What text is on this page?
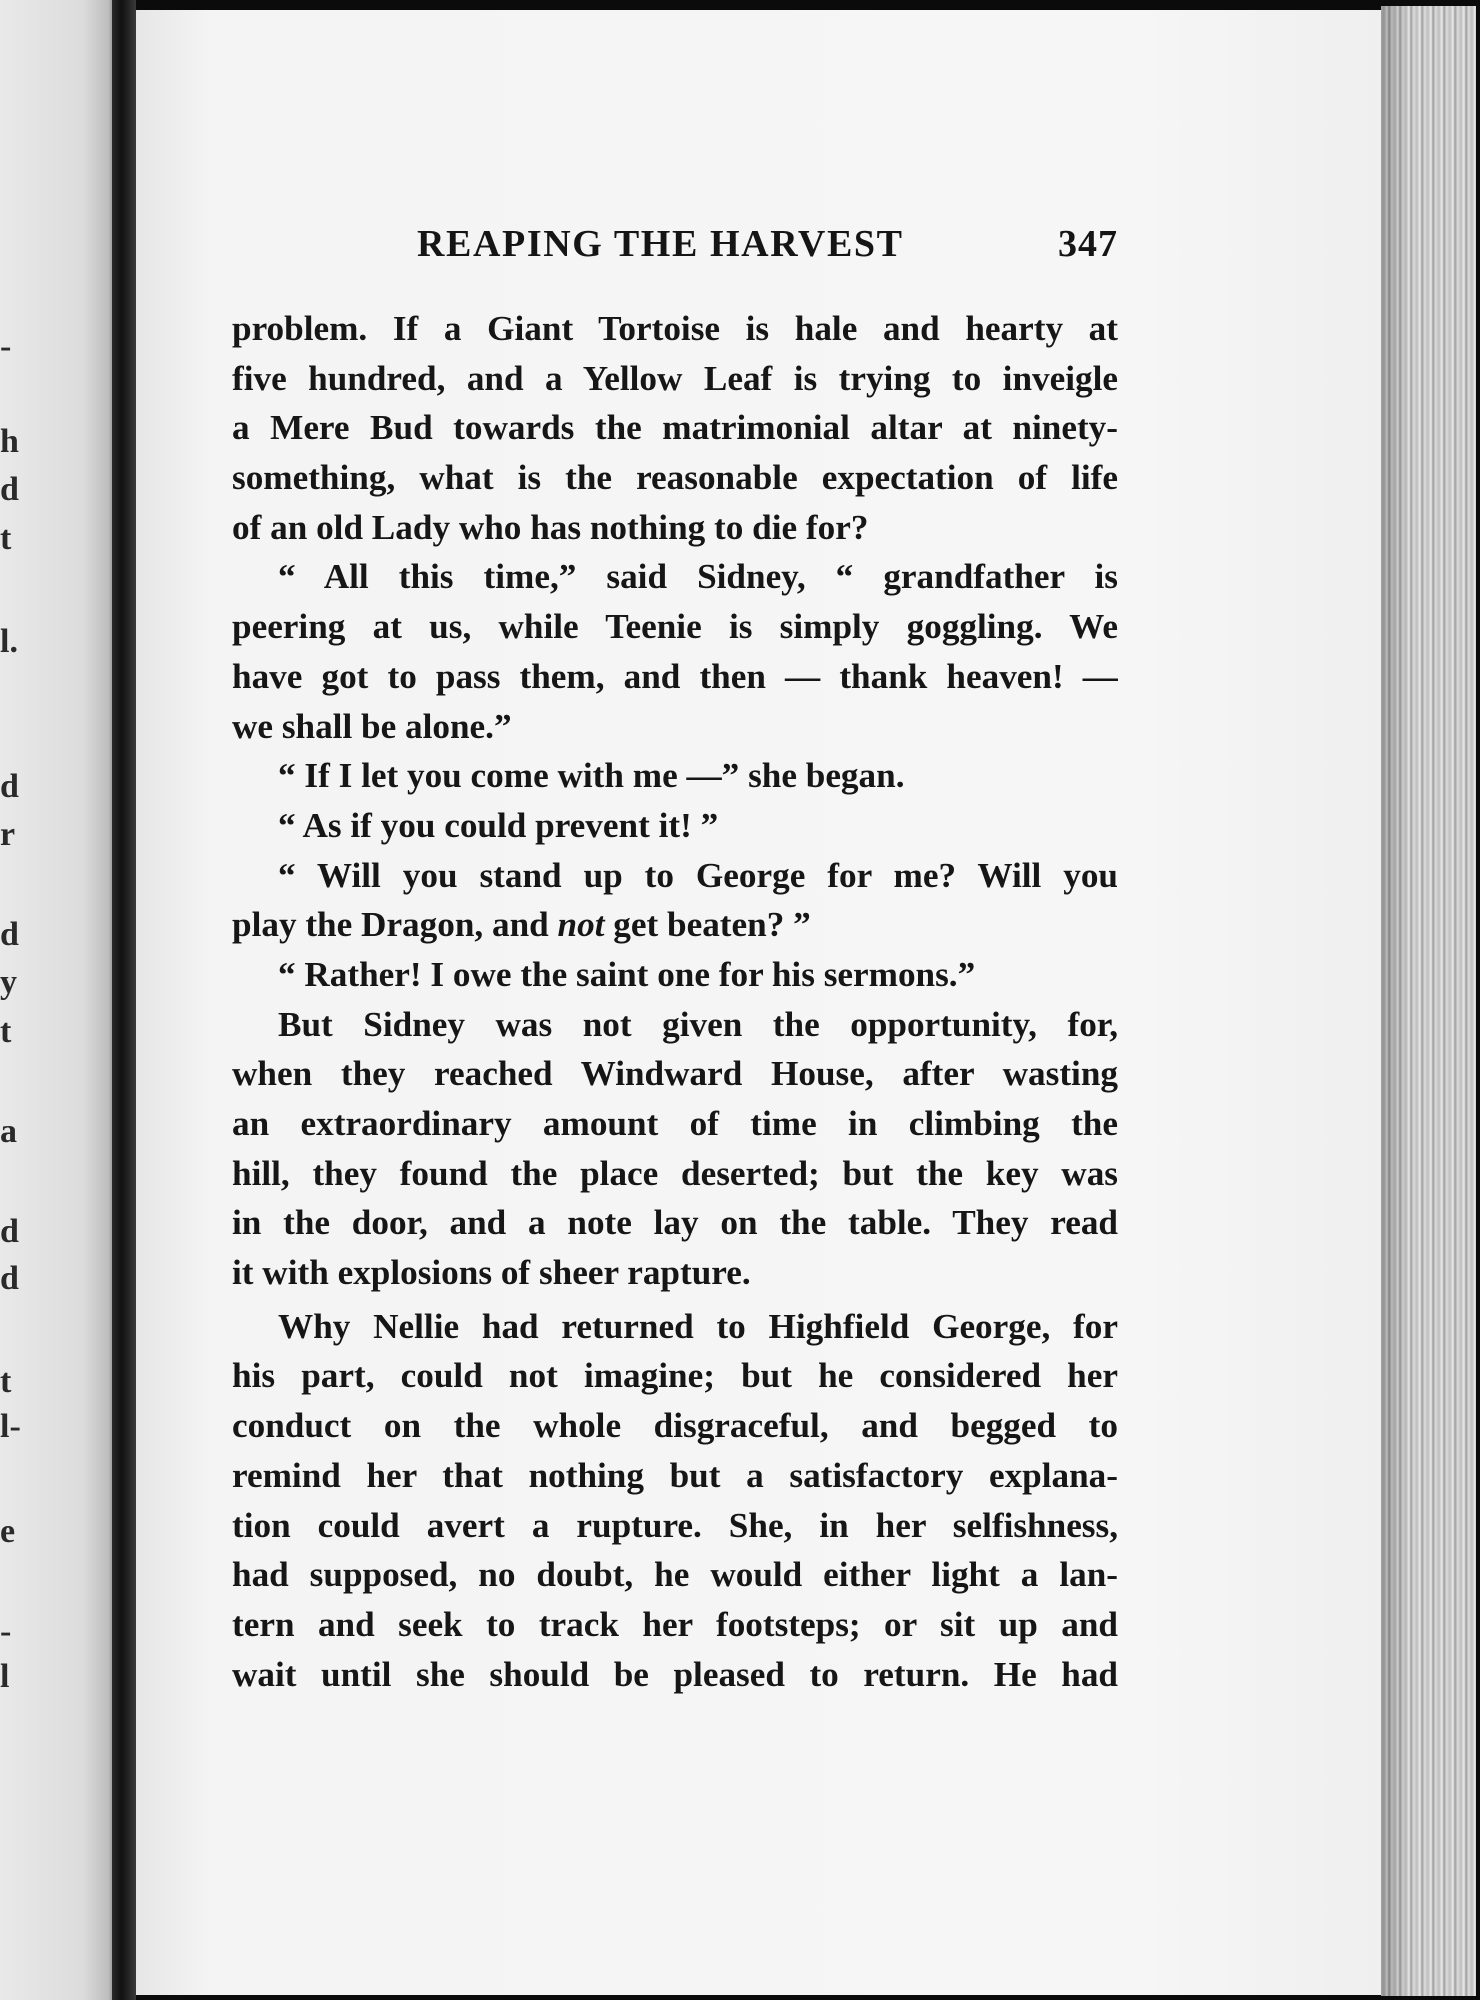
-
h
d
t
l.
d
r
d
y
t
a
d
d
t
l-
e
-
l
REAPING THE HARVEST	347
problem. If a Giant Tortoise is hale and hearty at
five hundred, and a Yellow Leaf is trying to inveigle
a Mere Bud towards the matrimonial altar at ninety-
something, what is the reasonable expectation of life
of an old Lady who has nothing to die for?
“ All this time,” said Sidney, “ grandfather is
peering at us, while Teenie is simply goggling. We
have got to pass them, and then — thank heaven! —
we shall be alone.”
“ If I let you come with me —” she began.
“ As if you could prevent it! ”
“ Will you stand up to George for me? Will you
play the Dragon, and not get beaten? ”
“ Rather! I owe the saint one for his sermons.”
But Sidney was not given the opportunity, for,
when they reached Windward House, after wasting
an extraordinary amount of time in climbing the
hill, they found the place deserted; but the key was
in the door, and a note lay on the table. They read
it with explosions of sheer rapture.
Why Nellie had returned to Highfield George, for
his part, could not imagine; but he considered her
conduct on the whole disgraceful, and begged to
remind her that nothing but a satisfactory explana-
tion could avert a rupture. She, in her selfishness,
had supposed, no doubt, he would either light a lan-
tern and seek to track her footsteps; or sit up and
wait until she should be pleased to return. He had
